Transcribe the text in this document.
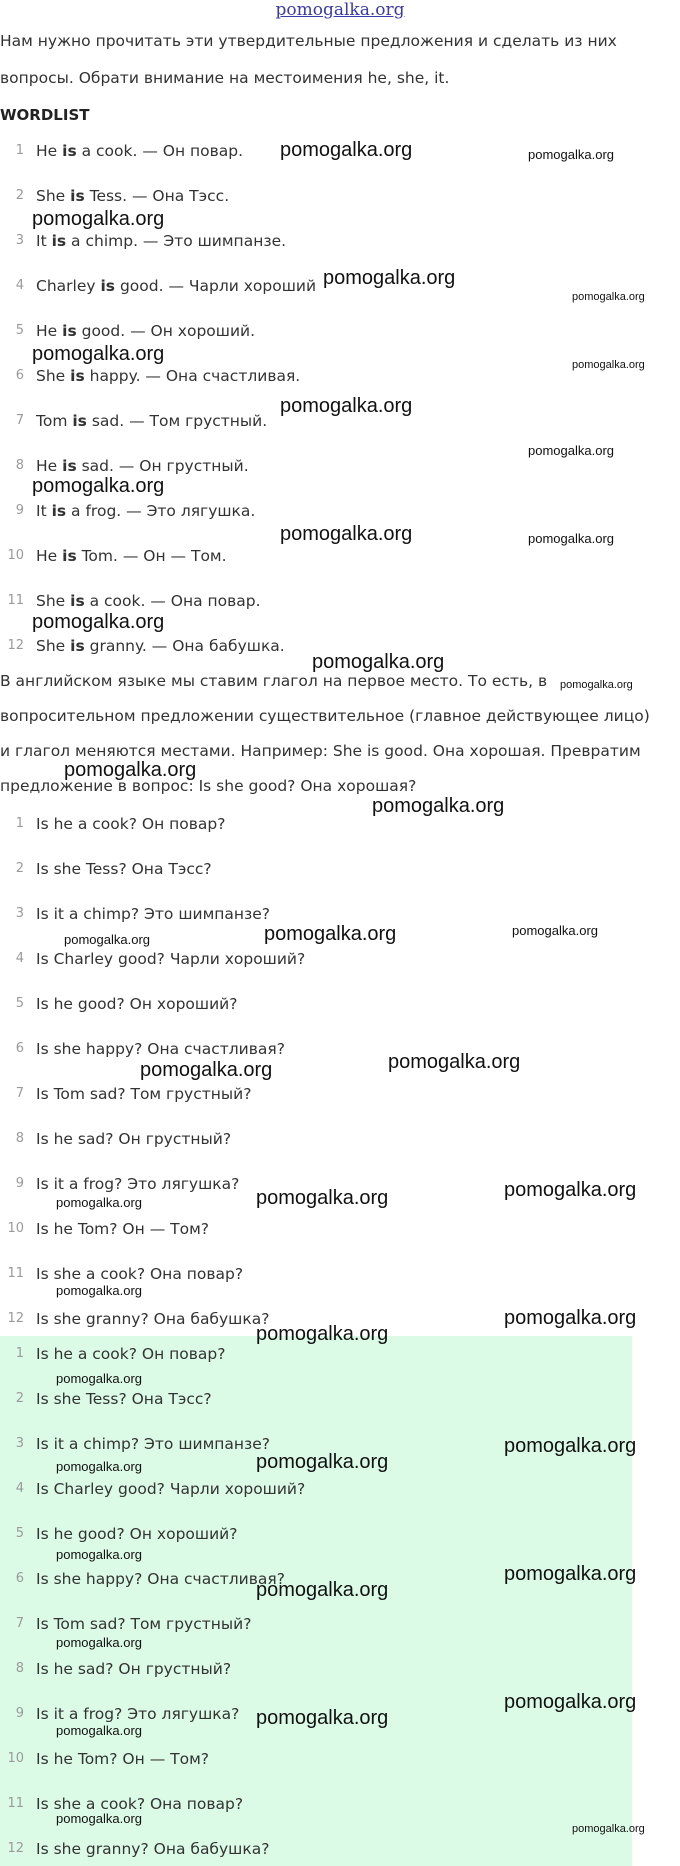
pomogalka.org
Нам нужно прочитать эти утвердительные предложения и сделать из них
вопросы. Обрати внимание на местоимения he, she, it.
WORDLIST
1 He is a cook. — Он повар.
2 She is Tess. — Она Тэсс.
3 It is a chimp. — Это шимпанзе.
4 Charley is good. — Чарли хороший
5 He is good. — Он хороший.
6 She is happy. — Она счастливая.
7 Tom is sad. — Том грустный.
8 He is sad. — Он грустный.
9 It is a frog. — Это лягушка.
10 He is Tom. — Он — Том.
11 She is a cook. — Она повар.
12 She is granny. — Она бабушка.
В английском языке мы ставим глагол на первое место. То есть, в
вопросительном предложении существительное (главное действующее лицо)
и глагол меняются местами. Например: She is good. Она хорошая. Превратим
предложение в вопрос: Is she good? Она хорошая?
1 Is he a cook? Он повар?
2 Is she Tess? Она Тэсс?
3 Is it a chimp? Это шимпанзе?
4 Is Charley good? Чарли хороший?
5 Is he good? Он хороший?
6 Is she happy? Она счастливая?
7 Is Tom sad? Том грустный?
8 Is he sad? Он грустный?
9 Is it a frog? Это лягушка?
10 Is he Tom? Он — Том?
11 Is she a cook? Она повар?
12 Is she granny? Она бабушка?
1 Is he a cook? Он повар?
2 Is she Tess? Она Тэсс?
3 Is it a chimp? Это шимпанзе?
4 Is Charley good? Чарли хороший?
5 Is he good? Он хороший?
6 Is she happy? Она счастливая?
7 Is Tom sad? Том грустный?
8 Is he sad? Он грустный?
9 Is it a frog? Это лягушка?
10 Is he Tom? Он — Том?
11 Is she a cook? Она повар?
12 Is she granny? Она бабушка?
pomogalka.org	pomogalka.org
pomogalka.org
pomogalka.org
pomogalka.org
pomogalka.org	pomogalka.org
pomogalka.org
pomogalka.org
pomogalka.org
pomogalka.org	pomogalka.org
pomogalka.org
pomogalka.org
pomogalka.org
pomogalka.org
pomogalka.org
pomogalka.org	pomogalka.org	pomogalka.org
pomogalka.org	pomogalka.org
pomogalka.org	pomogalka.org
pomogalka.org
pomogalka.org
pomogalka.org
pomogalka.org
pomogalka.org
pomogalka.org	pomogalka.org
pomogalka.org
pomogalka.org
pomogalka.org
pomogalka.org
pomogalka.org
pomogalka.org
pomogalka.org
pomogalka.org
pomogalka.org
pomogalka.org
